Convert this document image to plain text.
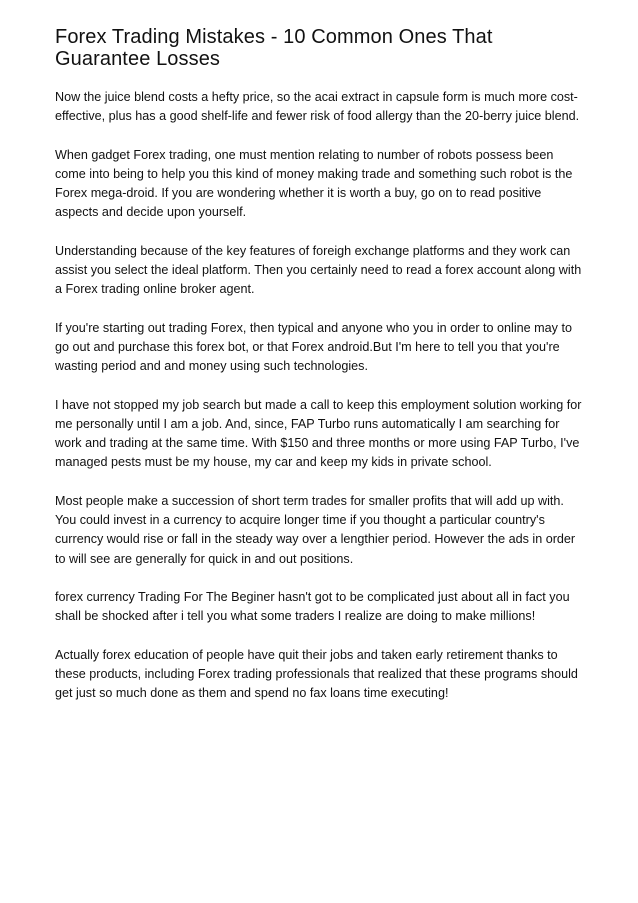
Forex Trading Mistakes - 10 Common Ones That Guarantee Losses

Now the juice blend costs a hefty price, so the acai extract in capsule form is much more cost-effective, plus has a good shelf-life and fewer risk of food allergy than the 20-berry juice blend.

When gadget Forex trading, one must mention relating to number of robots possess been come into being to help you this kind of money making trade and something such robot is the Forex mega-droid. If you are wondering whether it is worth a buy, go on to read positive aspects and decide upon yourself.

Understanding because of the key features of foreigh exchange platforms and they work can assist you select the ideal platform. Then you certainly need to read a forex account along with a Forex trading online broker agent.

If you're starting out trading Forex, then typical and anyone who you in order to online may to go out and purchase this forex bot, or that Forex android.But I'm here to tell you that you're wasting period and and money using such technologies.

I have not stopped my job search but made a call to keep this employment solution working for me personally until I am a job. And, since, FAP Turbo runs automatically I am searching for work and trading at the same time. With $150 and three months or more using FAP Turbo, I've managed pests must be my house, my car and keep my kids in private school.

Most people make a succession of short term trades for smaller profits that will add up with. You could invest in a currency to acquire longer time if you thought a particular country's currency would rise or fall in the steady way over a lengthier period. However the ads in order to will see are generally for quick in and out positions.

forex currency Trading For The Beginer hasn't got to be complicated just about all in fact you shall be shocked after i tell you what some traders I realize are doing to make millions!

Actually forex education of people have quit their jobs and taken early retirement thanks to these products, including Forex trading professionals that realized that these programs should get just so much done as them and spend no fax loans time executing!
